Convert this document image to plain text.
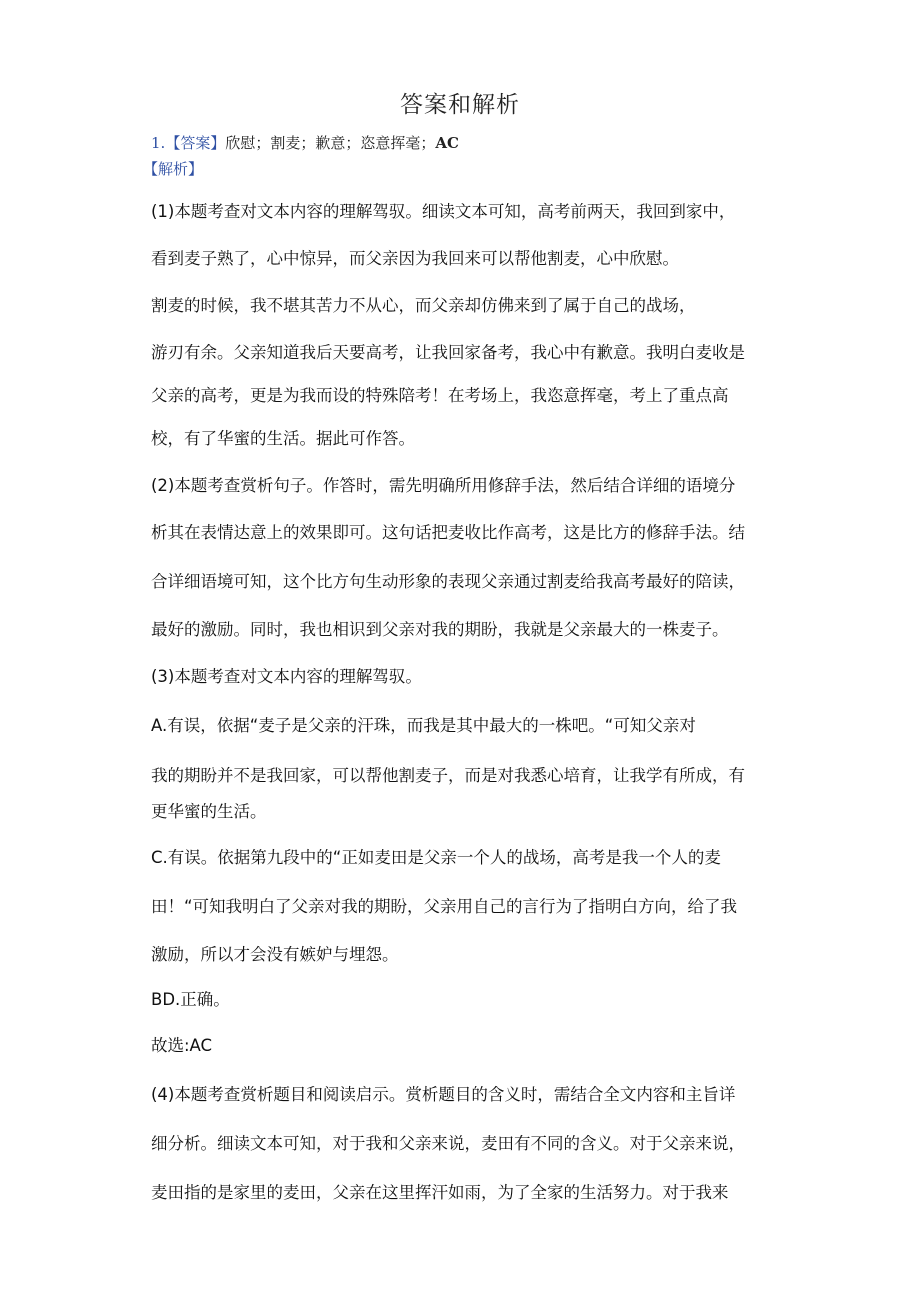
答案和解析
1.【答案】欣慰；割麦；歉意；恣意挥毫；AC
【解析】
(1)本题考查对文本内容的理解驾驭。细读文本可知，高考前两天，我回到家中，
看到麦子熟了，心中惊异，而父亲因为我回来可以帮他割麦，心中欣慰。
割麦的时候，我不堪其苦力不从心，而父亲却仿佛来到了属于自己的战场，
游刃有余。父亲知道我后天要高考，让我回家备考，我心中有歉意。我明白麦收是
父亲的高考，更是为我而设的特殊陪考！在考场上，我恣意挥毫，考上了重点高
校，有了华蜜的生活。据此可作答。
(2)本题考查赏析句子。作答时，需先明确所用修辞手法，然后结合详细的语境分
析其在表情达意上的效果即可。这句话把麦收比作高考，这是比方的修辞手法。结
合详细语境可知，这个比方句生动形象的表现父亲通过割麦给我高考最好的陪读，
最好的激励。同时，我也相识到父亲对我的期盼，我就是父亲最大的一株麦子。
(3)本题考查对文本内容的理解驾驭。
A.有误，依据“麦子是父亲的汗珠，而我是其中最大的一株吧。“可知父亲对
我的期盼并不是我回家，可以帮他割麦子，而是对我悉心培育，让我学有所成，有
更华蜜的生活。
C.有误。依据第九段中的“正如麦田是父亲一个人的战场，高考是我一个人的麦
田！“可知我明白了父亲对我的期盼，父亲用自己的言行为了指明白方向，给了我
激励，所以才会没有嫉妒与埋怨。
BD.正确。
故选:AC
(4)本题考查赏析题目和阅读启示。赏析题目的含义时，需结合全文内容和主旨详
细分析。细读文本可知，对于我和父亲来说，麦田有不同的含义。对于父亲来说，
麦田指的是家里的麦田，父亲在这里挥汗如雨，为了全家的生活努力。对于我来
